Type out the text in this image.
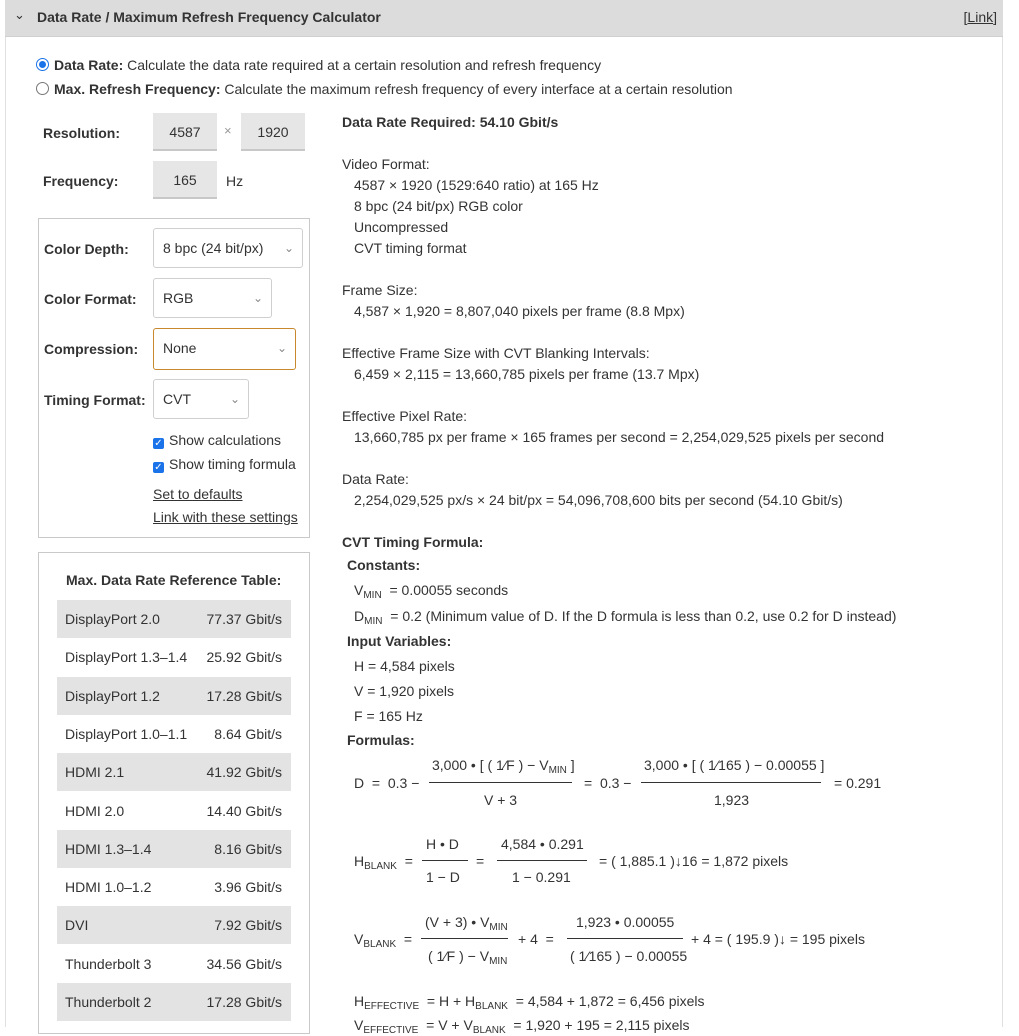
⌄ Data Rate / Maximum Refresh Frequency Calculator	[Link]
Data Rate: Calculate the data rate required at a certain resolution and refresh frequency
Max. Refresh Frequency: Calculate the maximum refresh frequency of every interface at a certain resolution
Resolution:	4587	×	1920
Frequency:	165	Hz
Color Depth:	8 bpc (24 bit/px) ⌄
Color Format:	RGB	⌄
Compression:	None	⌄
Timing Format:	CVT	⌄
✓ Show calculations
✓ Show timing formula
Set to defaults
Link with these settings
Max. Data Rate Reference Table:
DisplayPort 2.0	77.37 Gbit/s
DisplayPort 1.3–1.4 25.92 Gbit/s
DisplayPort 1.2	17.28 Gbit/s
DisplayPort 1.0–1.1 8.64 Gbit/s
HDMI 2.1	41.92 Gbit/s
HDMI 2.0	14.40 Gbit/s
HDMI 1.3–1.4	8.16 Gbit/s
HDMI 1.0–1.2	3.96 Gbit/s
DVI	7.92 Gbit/s
Thunderbolt 3	34.56 Gbit/s
Thunderbolt 2	17.28 Gbit/s
Data Rate Required: 54.10 Gbit/s
Video Format:
4587 × 1920 (1529:640 ratio) at 165 Hz
8 bpc (24 bit/px) RGB color
Uncompressed
CVT timing format
Frame Size:
4,587 × 1,920 = 8,807,040 pixels per frame (8.8 Mpx)
Effective Frame Size with CVT Blanking Intervals:
6,459 × 2,115 = 13,660,785 pixels per frame (13.7 Mpx)
Effective Pixel Rate:
13,660,785 px per frame × 165 frames per second = 2,254,029,525 pixels per second
Data Rate:
2,254,029,525 px/s × 24 bit/px = 54,096,708,600 bits per second (54.10 Gbit/s)
CVT Timing Formula:
Constants:
$V_{MIN} = 0.00055$ seconds
$D_{MIN} = 0.2$ (Minimum value of D. If the D formula is less than 0.2, use 0.2 for D instead)
Input Variables:
H = 4,584 pixels
V = 1,920 pixels
F = 165 Hz
Formulas:
D  =  0.3 −
3,000 • [ ( 1⁄F ) − $V_{MIN}$ ]
V + 3
=  0.3 −
3,000 • [ ( 1⁄165 ) − 0.00055 ]
1,923
= 0.291
$H_{BLANK}$  =
H • D
1 − D
=
4,584 • 0.291
1 − 0.291
= ( 1,885.1 )↓16 = 1,872 pixels
$V_{BLANK}$  =
(V + 3) • $V_{MIN}$
( 1⁄F ) − $V_{MIN}$
+ 4  =
1,923 • 0.00055
( 1⁄165 ) − 0.00055
+ 4 = ( 195.9 )↓ = 195 pixels
$H_{EFFECTIVE} = H + H_{BLANK} = 4,584 + 1,872 = 6,456$ pixels
$V_{EFFECTIVE} = V + V_{BLANK} = 1,920 + 195 = 2,115$ pixels
